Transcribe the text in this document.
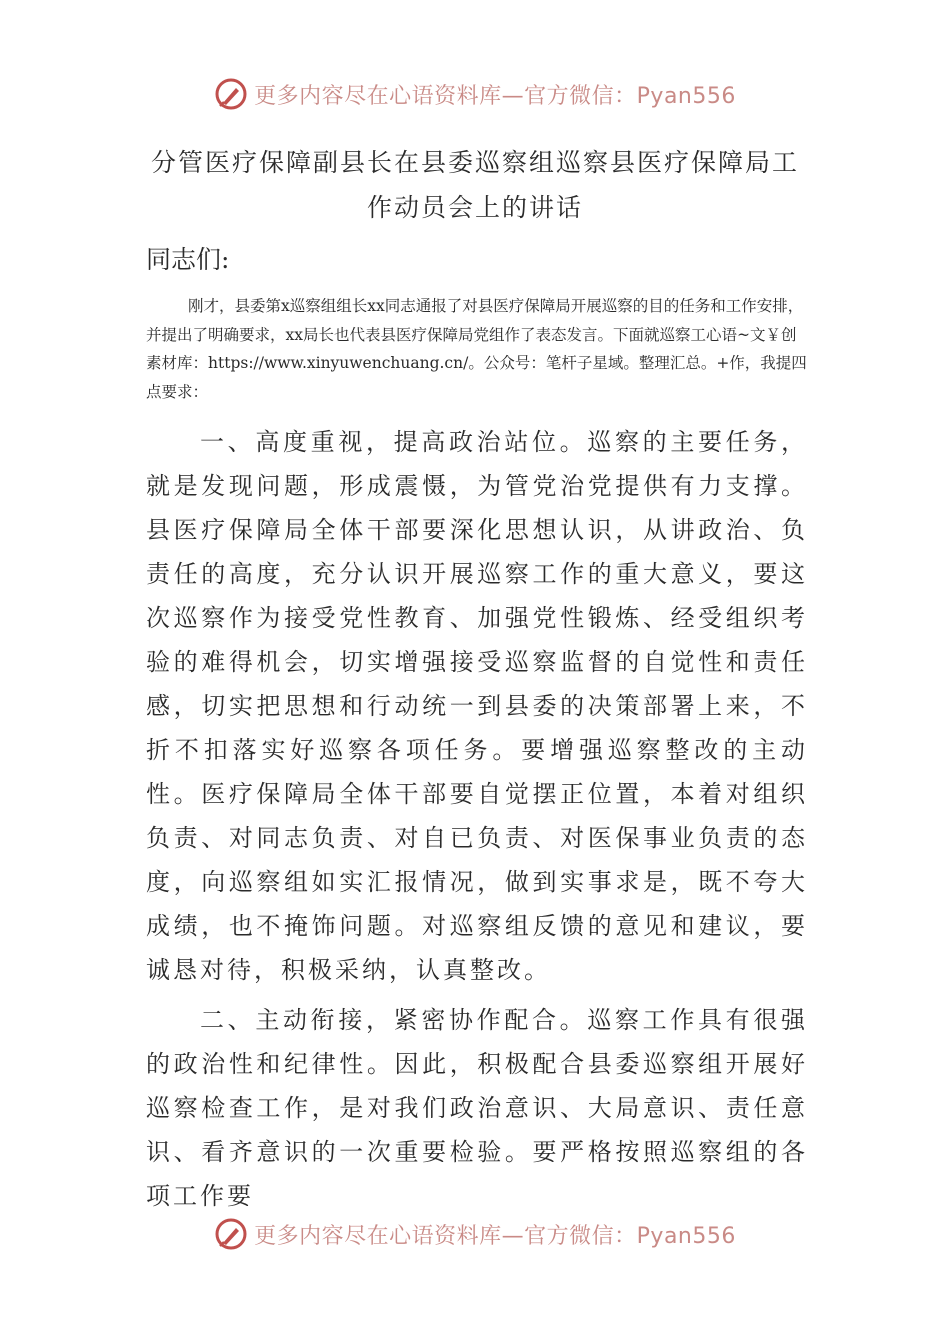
更多内容尽在心语资料库—官方微信：Pyan556
分管医疗保障副县长在县委巡察组巡察县医疗保障局工作动员会上的讲话
同志们:
刚才，县委第x巡察组组长xx同志通报了对县医疗保障局开展巡察的目的任务和工作安排，并提出了明确要求，xx局长也代表县医疗保障局党组作了表态发言。下面就巡察工心语~文￥创素材库：https://www.xinyuwenchuang.cn/。公众号：笔杆子星域。整理汇总。+作，我提四点要求：
一、高度重视，提高政治站位。巡察的主要任务，就是发现问题，形成震慑，为管党治党提供有力支撑。县医疗保障局全体干部要深化思想认识，从讲政治、负责任的高度，充分认识开展巡察工作的重大意义，要这次巡察作为接受党性教育、加强党性锻炼、经受组织考验的难得机会，切实增强接受巡察监督的自觉性和责任感，切实把思想和行动统一到县委的决策部署上来，不折不扣落实好巡察各项任务。要增强巡察整改的主动性。医疗保障局全体干部要自觉摆正位置，本着对组织负责、对同志负责、对自已负责、对医保事业负责的态度，向巡察组如实汇报情况，做到实事求是，既不夸大成绩，也不掩饰问题。对巡察组反馈的意见和建议，要诚恳对待，积极采纳，认真整改。
二、主动衔接，紧密协作配合。巡察工作具有很强的政治性和纪律性。因此，积极配合县委巡察组开展好巡察检查工作，是对我们政治意识、大局意识、责任意识、看齐意识的一次重要检验。要严格按照巡察组的各项工作要
更多内容尽在心语资料库—官方微信：Pyan556
